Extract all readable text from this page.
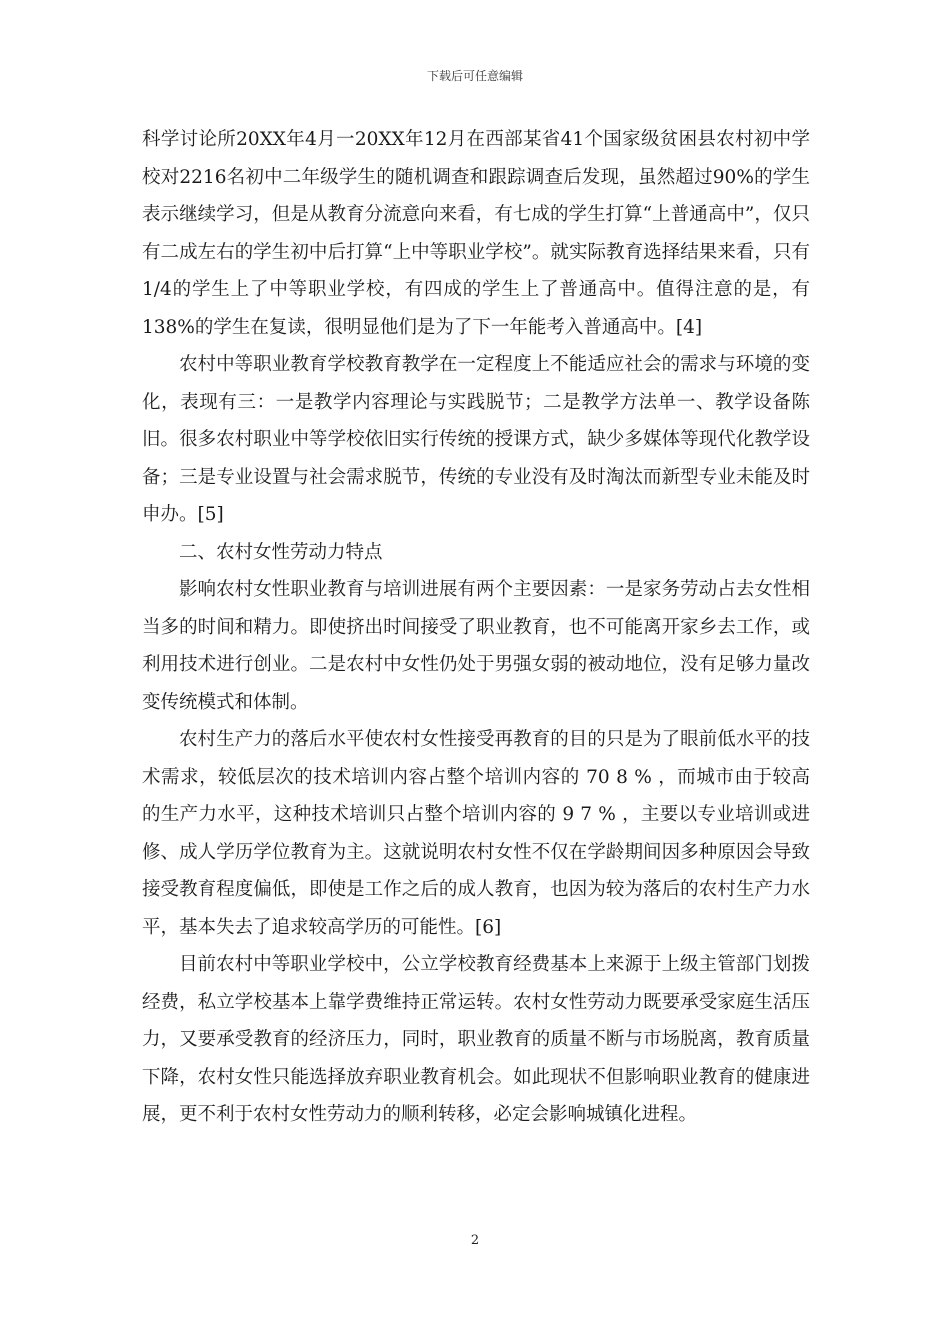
下载后可任意编辑

科学讨论所20XX年4月一20XX年12月在西部某省41个国家级贫困县农村初中学校对2216名初中二年级学生的随机调查和跟踪调查后发现，虽然超过90%的学生表示继续学习，但是从教育分流意向来看，有七成的学生打算“上普通高中”，仅只有二成左右的学生初中后打算“上中等职业学校”。就实际教育选择结果来看，只有1/4的学生上了中等职业学校，有四成的学生上了普通高中。值得注意的是，有138%的学生在复读，很明显他们是为了下一年能考入普通高中。[4]

农村中等职业教育学校教育教学在一定程度上不能适应社会的需求与环境的变化，表现有三：一是教学内容理论与实践脱节；二是教学方法单一、教学设备陈旧。很多农村职业中等学校依旧实行传统的授课方式，缺少多媒体等现代化教学设备；三是专业设置与社会需求脱节，传统的专业没有及时淘汰而新型专业未能及时申办。[5]

二、农村女性劳动力特点

影响农村女性职业教育与培训进展有两个主要因素：一是家务劳动占去女性相当多的时间和精力。即使挤出时间接受了职业教育，也不可能离开家乡去工作，或利用技术进行创业。二是农村中女性仍处于男强女弱的被动地位，没有足够力量改变传统模式和体制。

农村生产力的落后水平使农村女性接受再教育的目的只是为了眼前低水平的技术需求，较低层次的技术培训内容占整个培训内容的 70 8 % ，而城市由于较高的生产力水平，这种技术培训只占整个培训内容的 9 7 % ，主要以专业培训或进修、成人学历学位教育为主。这就说明农村女性不仅在学龄期间因多种原因会导致接受教育程度偏低，即使是工作之后的成人教育，也因为较为落后的农村生产力水平，基本失去了追求较高学历的可能性。[6]

目前农村中等职业学校中，公立学校教育经费基本上来源于上级主管部门划拨经费，私立学校基本上靠学费维持正常运转。农村女性劳动力既要承受家庭生活压力，又要承受教育的经济压力，同时，职业教育的质量不断与市场脱离，教育质量下降，农村女性只能选择放弃职业教育机会。如此现状不但影响职业教育的健康进展，更不利于农村女性劳动力的顺利转移，必定会影响城镇化进程。

2
